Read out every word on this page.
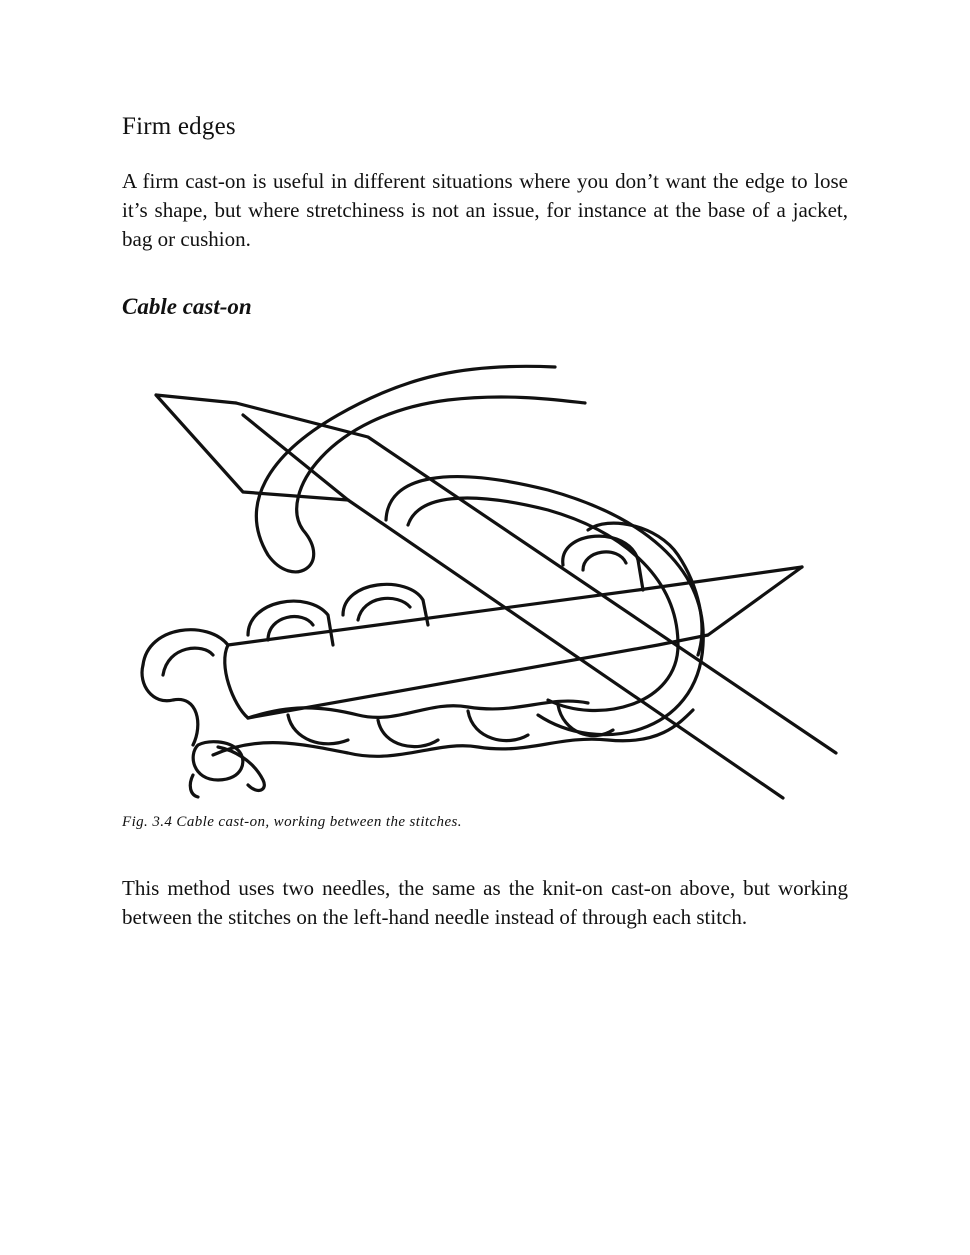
Firm edges

A firm cast-on is useful in different situations where you don’t want the edge to lose it’s shape, but where stretchiness is not an issue, for instance at the base of a jacket, bag or cushion.

Cable cast-on

Fig. 3.4 Cable cast-on, working between the stitches.

This method uses two needles, the same as the knit-on cast-on above, but working between the stitches on the left-hand needle instead of through each stitch.
